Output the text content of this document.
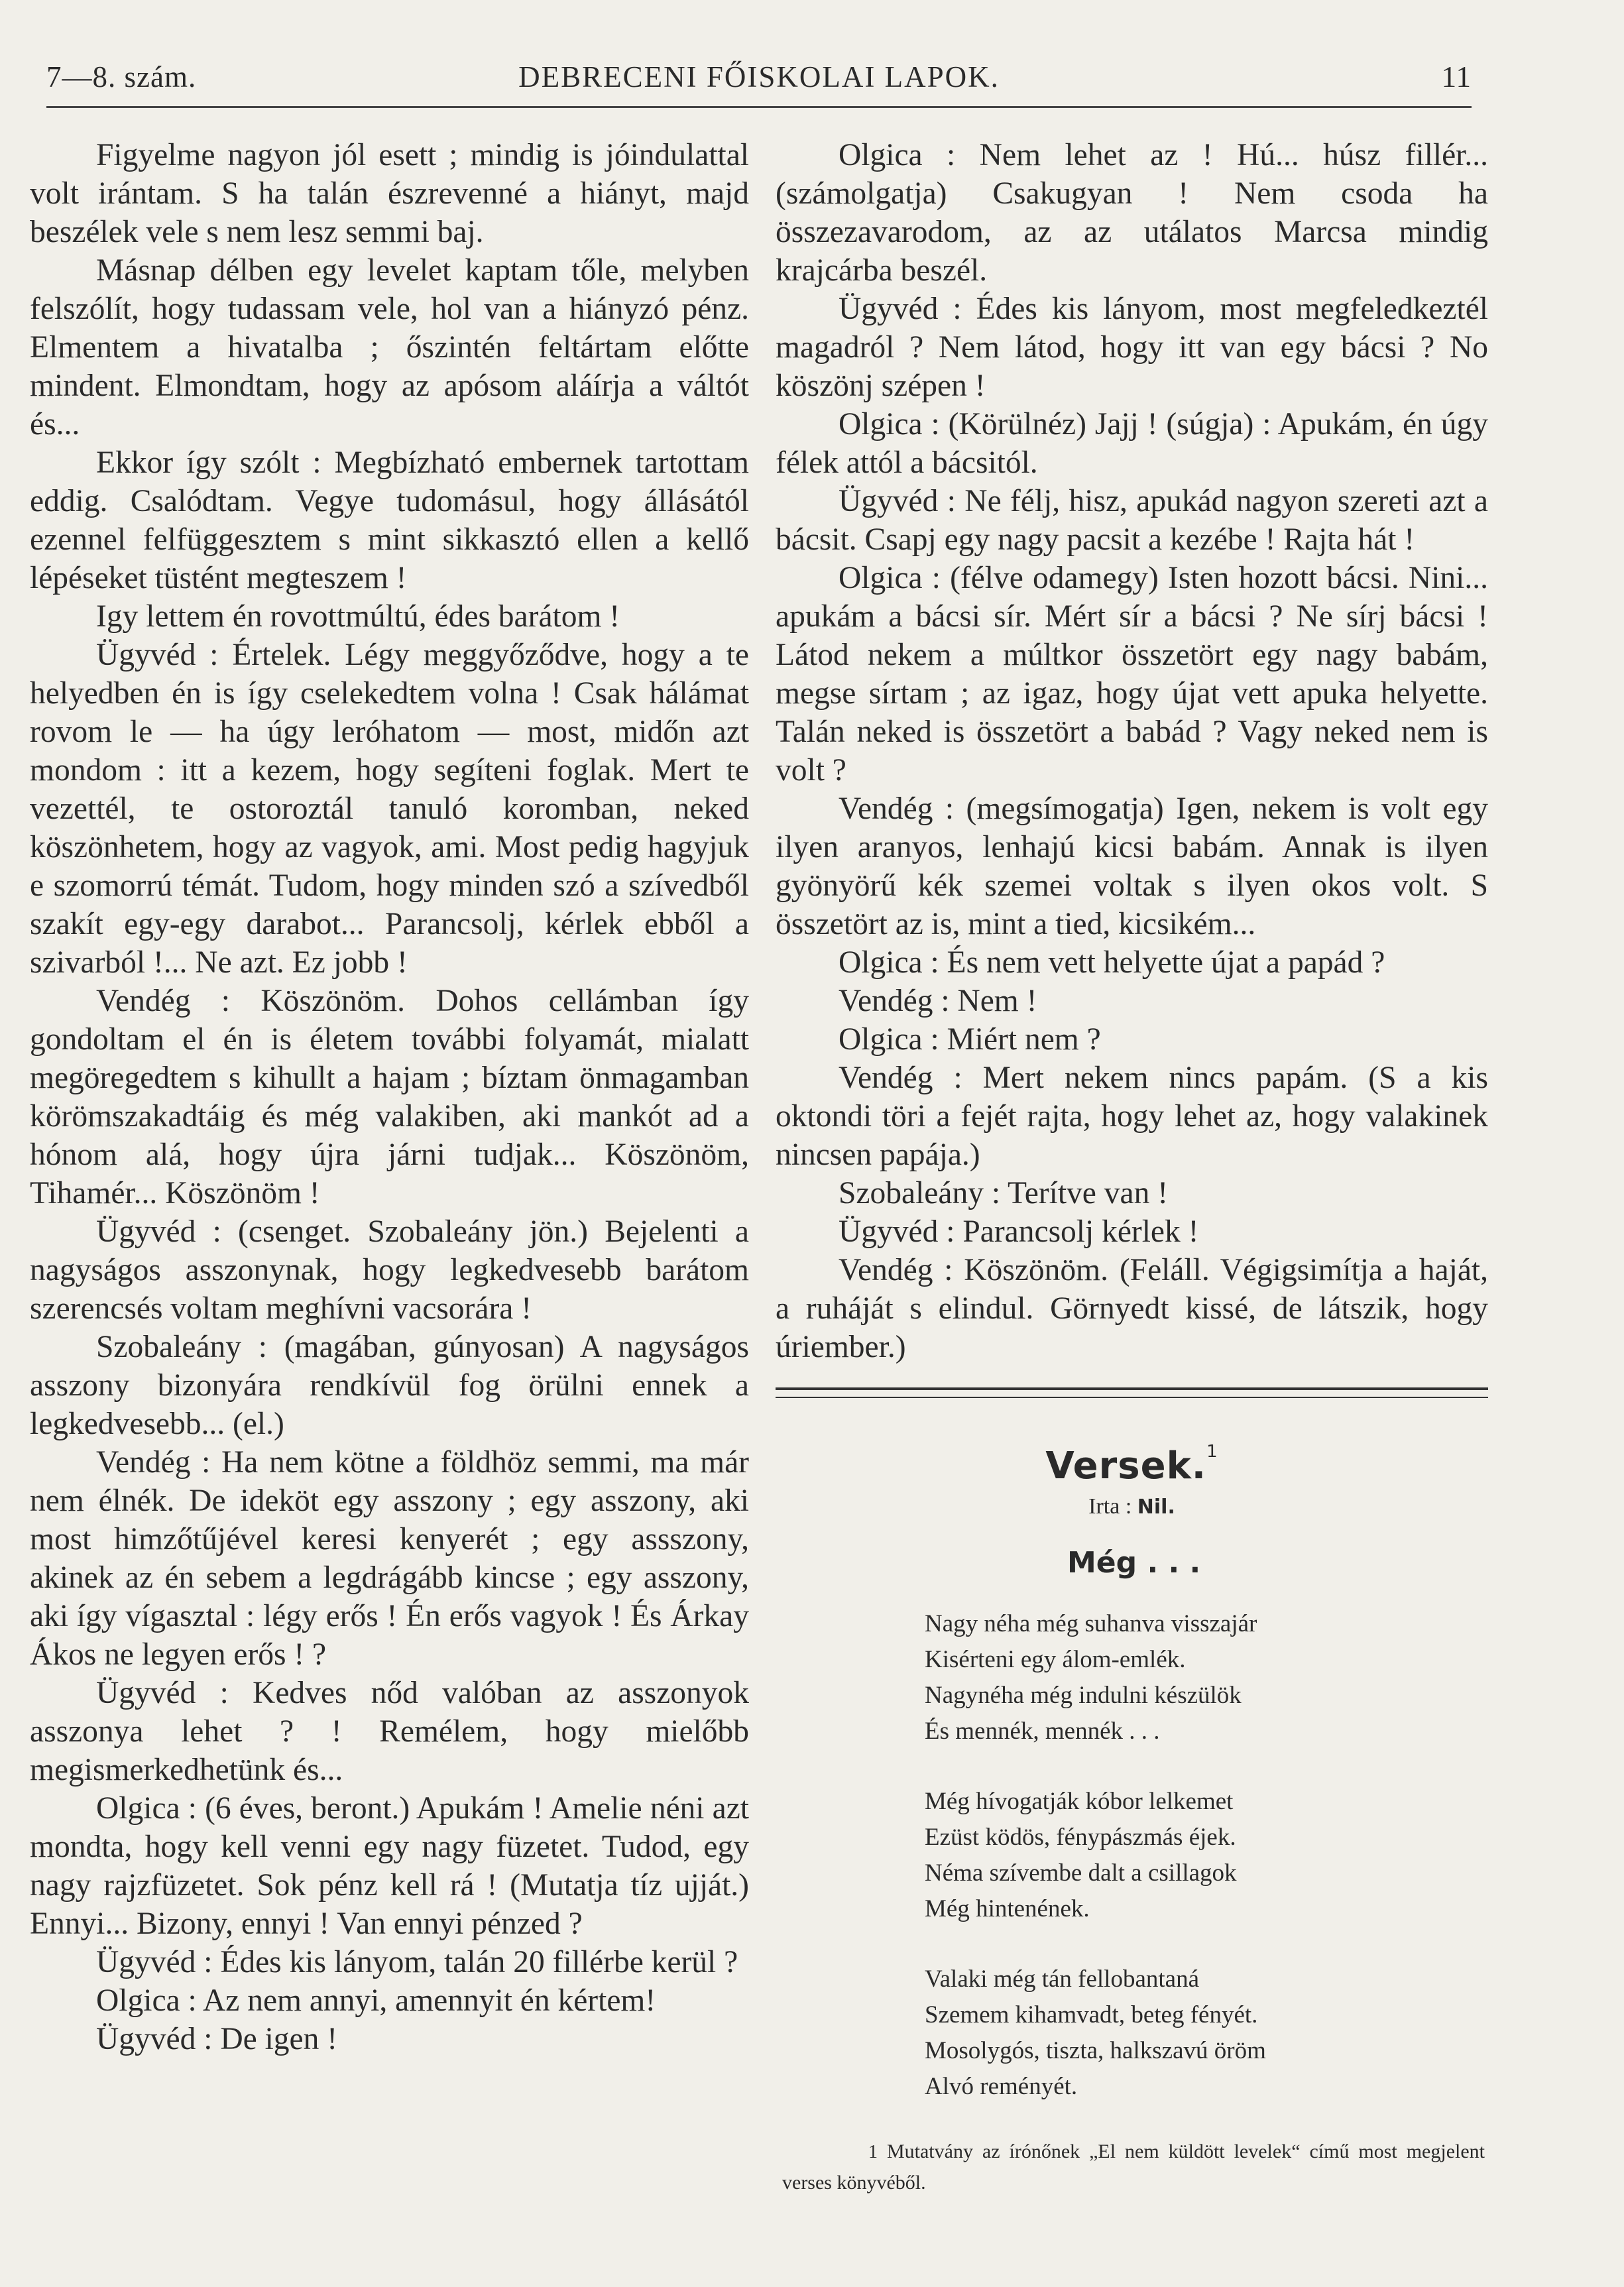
7—8. szám.	DEBRECENI FŐISKOLAI LAPOK.	11

Figyelme nagyon jól esett ; mindig is jóindulattal volt irántam. S ha talán észrevenné a hiányt, majd beszélek vele s nem lesz semmi baj.

Másnap délben egy levelet kaptam tőle, melyben felszólít, hogy tudassam vele, hol van a hiányzó pénz. Elmentem a hivatalba ; őszintén feltártam előtte mindent. Elmondtam, hogy az apósom aláírja a váltót és...

Ekkor így szólt : Megbízható embernek tartottam eddig. Csalódtam. Vegye tudomásul, hogy állásától ezennel felfüggesztem s mint sikkasztó ellen a kellő lépéseket tüstént megteszem !

Igy lettem én rovottmúltú, édes barátom !

Ügyvéd : Értelek. Légy meggyőződve, hogy a te helyedben én is így cselekedtem volna ! Csak hálámat rovom le — ha úgy leróhatom — most, midőn azt mondom : itt a kezem, hogy segíteni foglak. Mert te vezettél, te ostoroztál tanuló koromban, neked köszönhetem, hogy az vagyok, ami. Most pedig hagyjuk e szomorrú témát. Tudom, hogy minden szó a szívedből szakít egy-egy darabot... Parancsolj, kérlek ebből a szivarból !... Ne azt. Ez jobb !

Vendég : Köszönöm. Dohos cellámban így gondoltam el én is életem további folyamát, mialatt megöregedtem s kihullt a hajam ; bíztam önmagamban körömszakadtáig és még valakiben, aki mankót ad a hónom alá, hogy újra járni tudjak... Köszönöm, Tihamér... Köszönöm !

Ügyvéd : (csenget. Szobaleány jön.) Bejelenti a nagyságos asszonynak, hogy legkedvesebb barátom szerencsés voltam meghívni vacsorára !

Szobaleány : (magában, gúnyosan) A nagyságos asszony bizonyára rendkívül fog örülni ennek a legkedvesebb... (el.)

Vendég : Ha nem kötne a földhöz semmi, ma már nem élnék. De ideköt egy asszony ; egy asszony, aki most himzőtűjével keresi kenyerét ; egy assszony, akinek az én sebem a legdrágább kincse ; egy asszony, aki így vígasztal : légy erős ! Én erős vagyok ! És Árkay Ákos ne legyen erős ! ?

Ügyvéd : Kedves nőd valóban az asszonyok asszonya lehet ? ! Remélem, hogy mielőbb megismerkedhetünk és...

Olgica : (6 éves, beront.) Apukám ! Amelie néni azt mondta, hogy kell venni egy nagy füzetet. Tudod, egy nagy rajzfüzetet. Sok pénz kell rá ! (Mutatja tíz ujját.) Ennyi... Bizony, ennyi ! Van ennyi pénzed ?

Ügyvéd : Édes kis lányom, talán 20 fillérbe kerül ?

Olgica : Az nem annyi, amennyit én kértem!

Ügyvéd : De igen !

Olgica : Nem lehet az ! Hú... húsz fillér... (számolgatja) Csakugyan ! Nem csoda ha összezavarodom, az az utálatos Marcsa mindig krajcárba beszél.

Ügyvéd : Édes kis lányom, most megfeledkeztél magadról ? Nem látod, hogy itt van egy bácsi ? No köszönj szépen !

Olgica : (Körülnéz) Jajj ! (súgja) : Apukám, én úgy félek attól a bácsitól.

Ügyvéd : Ne félj, hisz, apukád nagyon szereti azt a bácsit. Csapj egy nagy pacsit a kezébe ! Rajta hát !

Olgica : (félve odamegy) Isten hozott bácsi. Nini... apukám a bácsi sír. Mért sír a bácsi ? Ne sírj bácsi ! Látod nekem a múltkor összetört egy nagy babám, megse sírtam ; az igaz, hogy újat vett apuka helyette. Talán neked is összetört a babád ? Vagy neked nem is volt ?

Vendég : (megsímogatja) Igen, nekem is volt egy ilyen aranyos, lenhajú kicsi babám. Annak is ilyen gyönyörű kék szemei voltak s ilyen okos volt. S összetört az is, mint a tied, kicsikém...

Olgica : És nem vett helyette újat a papád ?

Vendég : Nem !

Olgica : Miért nem ?

Vendég : Mert nekem nincs papám. (S a kis oktondi töri a fejét rajta, hogy lehet az, hogy valakinek nincsen papája.)

Szobaleány : Terítve van !

Ügyvéd : Parancsolj kérlek !

Vendég : Köszönöm. (Feláll. Végigsimítja a haját, a ruháját s elindul. Görnyedt kissé, de látszik, hogy úriember.)

Versek.$^1$
Irta : Nil.
Még . . .
Nagy néha még suhanva visszajár
Kisérteni egy álom-emlék.
Nagynéha még indulni készülök
És mennék, mennék . . .
Még hívogatják kóbor lelkemet
Ezüst ködös, fénypászmás éjek.
Néma szívembe dalt a csillagok
Még hintenének.
Valaki még tán fellobantaná
Szemem kihamvadt, beteg fényét.
Mosolygós, tiszta, halkszavú öröm
Alvó reményét.
1 Mutatvány az írónőnek „El nem küldött levelek“ című most megjelent verses könyvéből.
